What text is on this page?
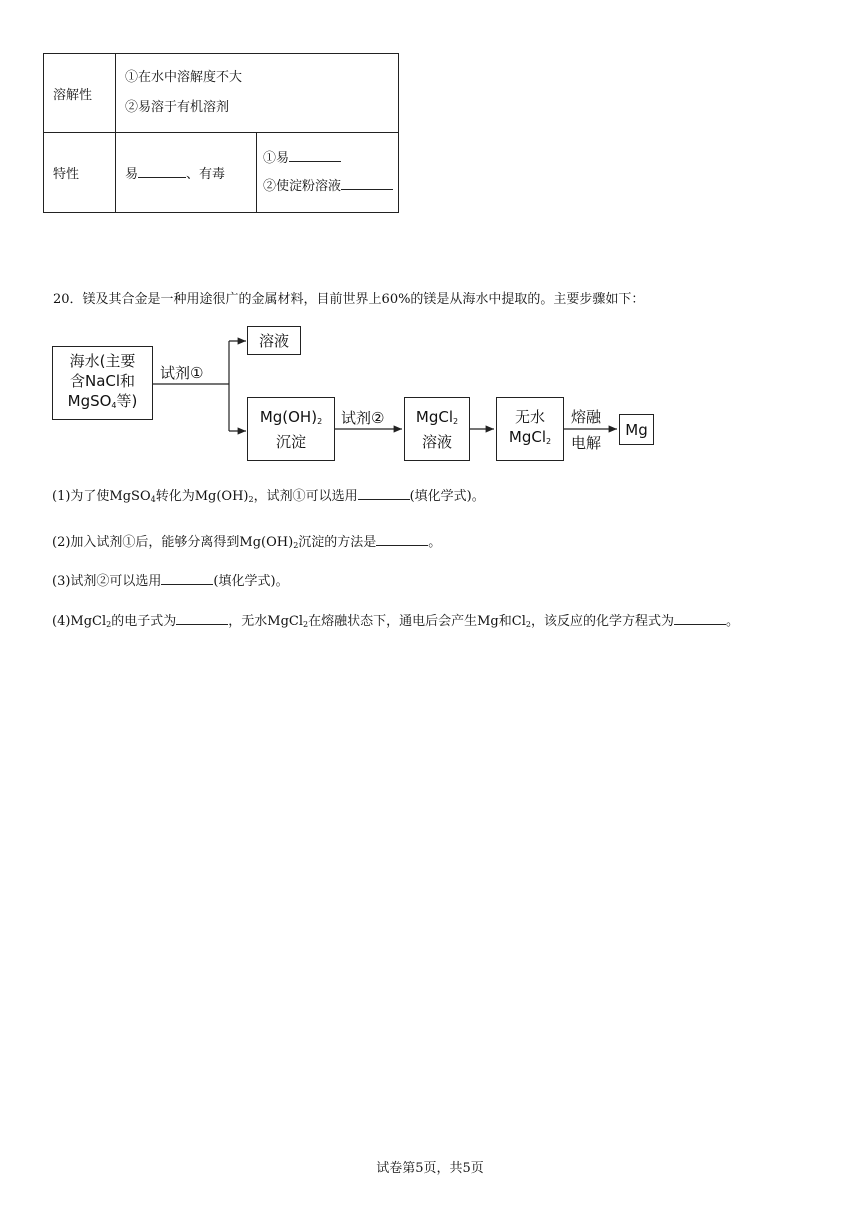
溶解性	①在水中溶解度不大
②易溶于有机溶剂	

特性	易 、有毒	①易
②使淀粉溶液
20．镁及其合金是一种用途很广的金属材料，目前世界上60%的镁是从海水中提取的。主要步骤如下：
海水(主要
含NaCl和
MgSO$_4$等)
试剂①
溶液
$Mg(OH)_2$
沉淀
试剂②	MgCl$_2$
溶液
无水
MgCl$_2$
熔融
电解
Mg
(1)为了使MgSO$_4$转化为$Mg(OH)_2$，试剂①可以选用	(填化学式)。
(2)加入试剂①后，能够分离得到$Mg(OH)_2$沉淀的方法是	。
(3)试剂②可以选用	(填化学式)。
(4)MgCl$_2$的电子式为	，无水MgCl$_2$在熔融状态下，通电后会产生Mg和$Cl_2$，该反应的化学方程式为	。
试卷第5页，共5页
